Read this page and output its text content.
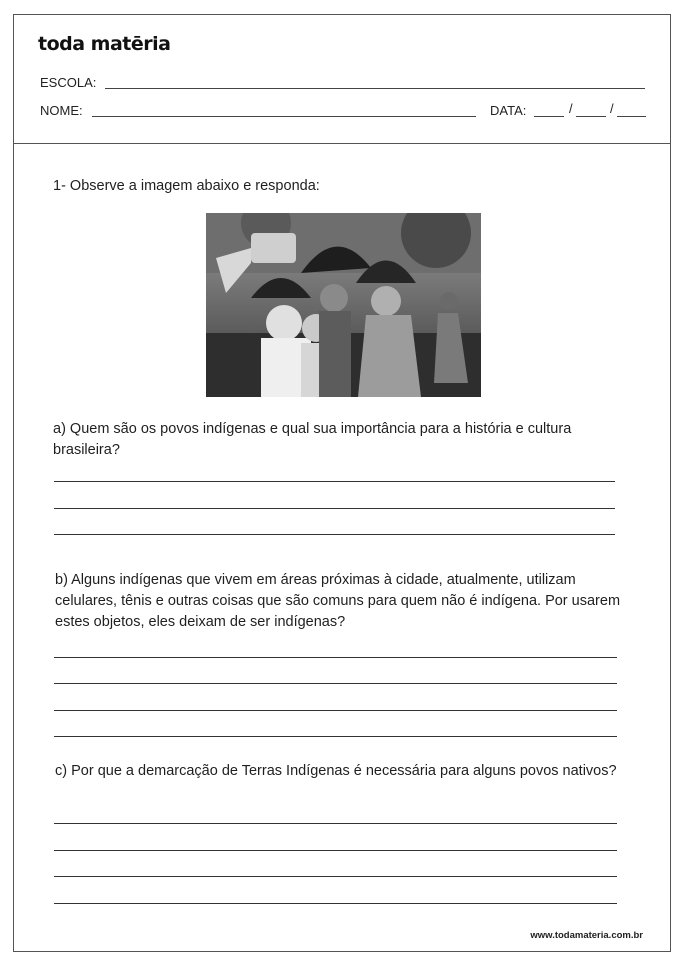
toda matēria
ESCOLA:
NOME:	DATA:	/	/
1- Observe a imagem abaixo e responda:
a) Quem são os povos indígenas e qual sua importância para a história e cultura brasileira?
b) Alguns indígenas que vivem em áreas próximas à cidade, atualmente, utilizam celulares, tênis e outras coisas que são comuns para quem não é indígena. Por usarem estes objetos, eles deixam de ser indígenas?
c) Por que a demarcação de Terras Indígenas é necessária para alguns povos nativos?
www.todamateria.com.br
